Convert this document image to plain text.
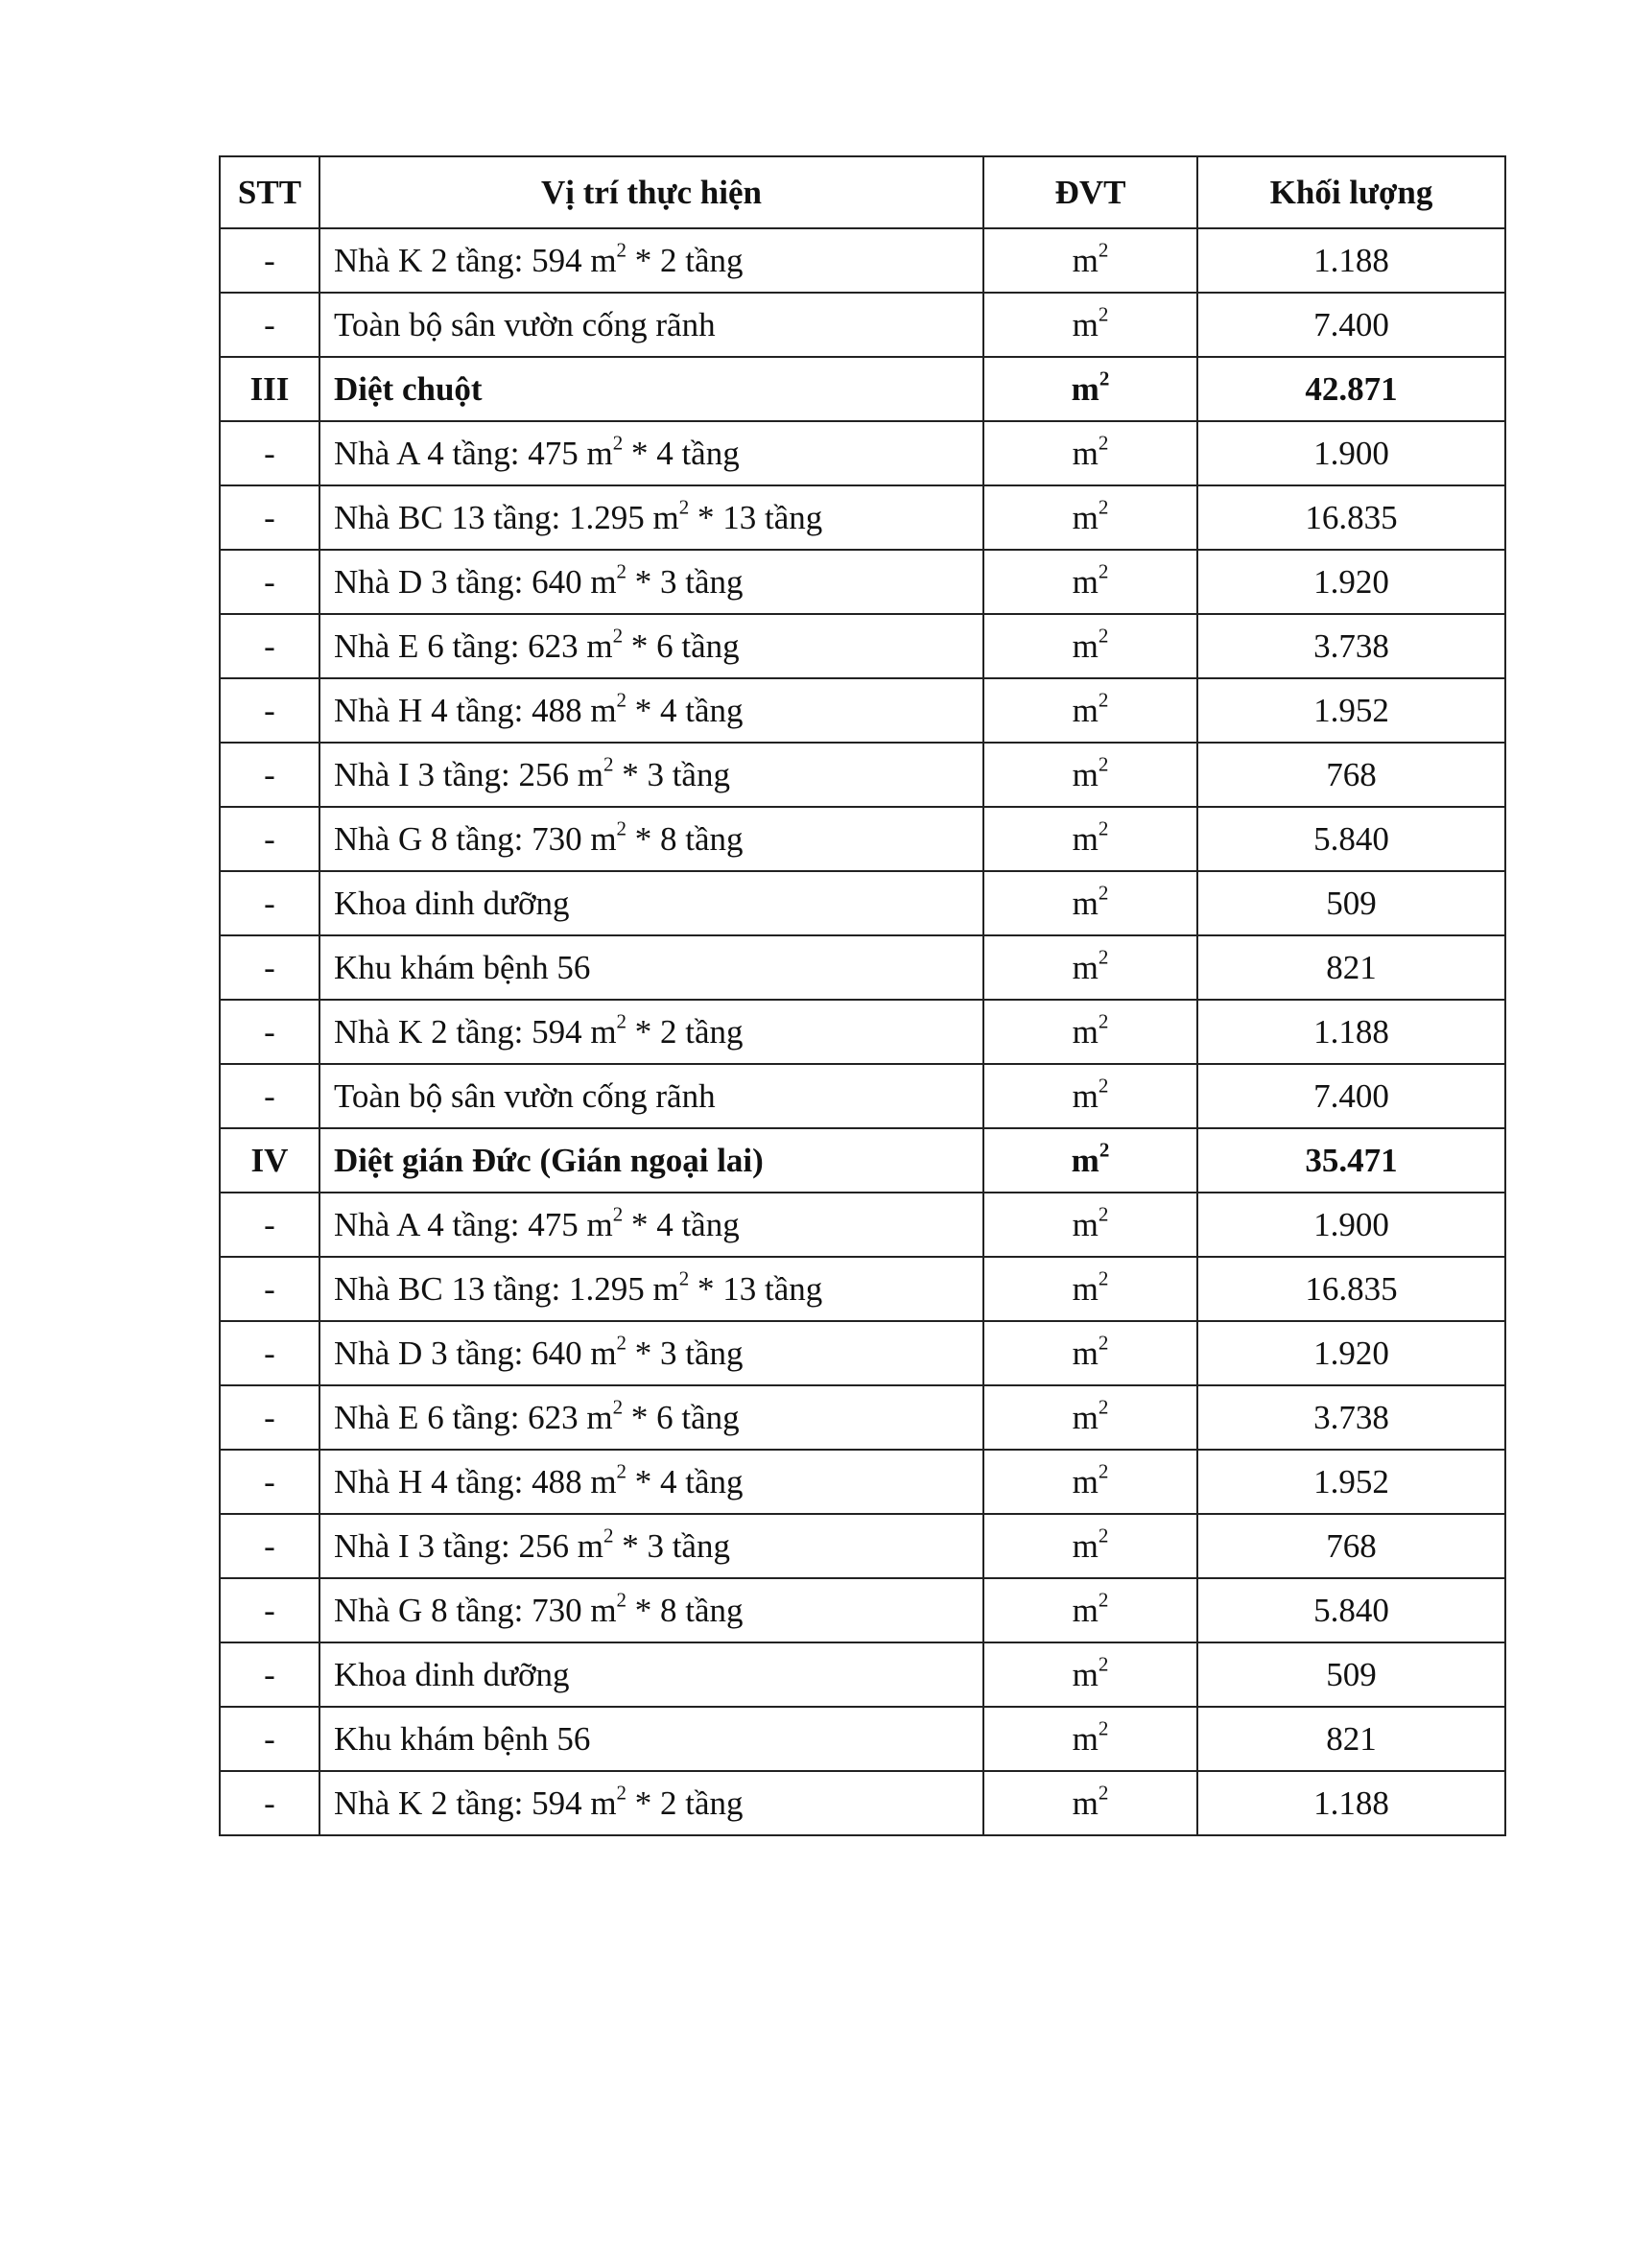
STT	Vị trí thực hiện	ĐVT	Khối lượng
-	Nhà K 2 tầng: 594 $m^2 * 2$ tầng	$m^2$	1.188
-	Toàn bộ sân vườn cống rãnh	$m^2$	7.400
III	Diệt chuột	$m^2$	42.871
-	Nhà A 4 tầng: 475 $m^2 * 4$ tầng	$m^2$	1.900
-	Nhà BC 13 tầng: 1.295 $m^2 * 13$ tầng	$m^2$	16.835
-	Nhà D 3 tầng: 640 $m^2 * 3$ tầng	$m^2$	1.920
-	Nhà E 6 tầng: 623 $m^2 * 6$ tầng	$m^2$	3.738
-	Nhà H 4 tầng: 488 $m^2 * 4$ tầng	$m^2$	1.952
-	Nhà I 3 tầng: 256 $m^2 * 3$ tầng	$m^2$	768
-	Nhà G 8 tầng: 730 $m^2 * 8$ tầng	$m^2$	5.840
-	Khoa dinh dưỡng	$m^2$	509
-	Khu khám bệnh 56	$m^2$	821
-	Nhà K 2 tầng: 594 $m^2 * 2$ tầng	$m^2$	1.188
-	Toàn bộ sân vườn cống rãnh	$m^2$	7.400
IV	Diệt gián Đức (Gián ngoại lai)	$m^2$	35.471
-	Nhà A 4 tầng: 475 $m^2 * 4$ tầng	$m^2$	1.900
-	Nhà BC 13 tầng: 1.295 $m^2 * 13$ tầng	$m^2$	16.835
-	Nhà D 3 tầng: 640 $m^2 * 3$ tầng	$m^2$	1.920
-	Nhà E 6 tầng: 623 $m^2 * 6$ tầng	$m^2$	3.738
-	Nhà H 4 tầng: 488 $m^2 * 4$ tầng	$m^2$	1.952
-	Nhà I 3 tầng: 256 $m^2 * 3$ tầng	$m^2$	768
-	Nhà G 8 tầng: 730 $m^2 * 8$ tầng	$m^2$	5.840
-	Khoa dinh dưỡng	$m^2$	509
-	Khu khám bệnh 56	$m^2$	821
-	Nhà K 2 tầng: 594 $m^2 * 2$ tầng	$m^2$	1.188
